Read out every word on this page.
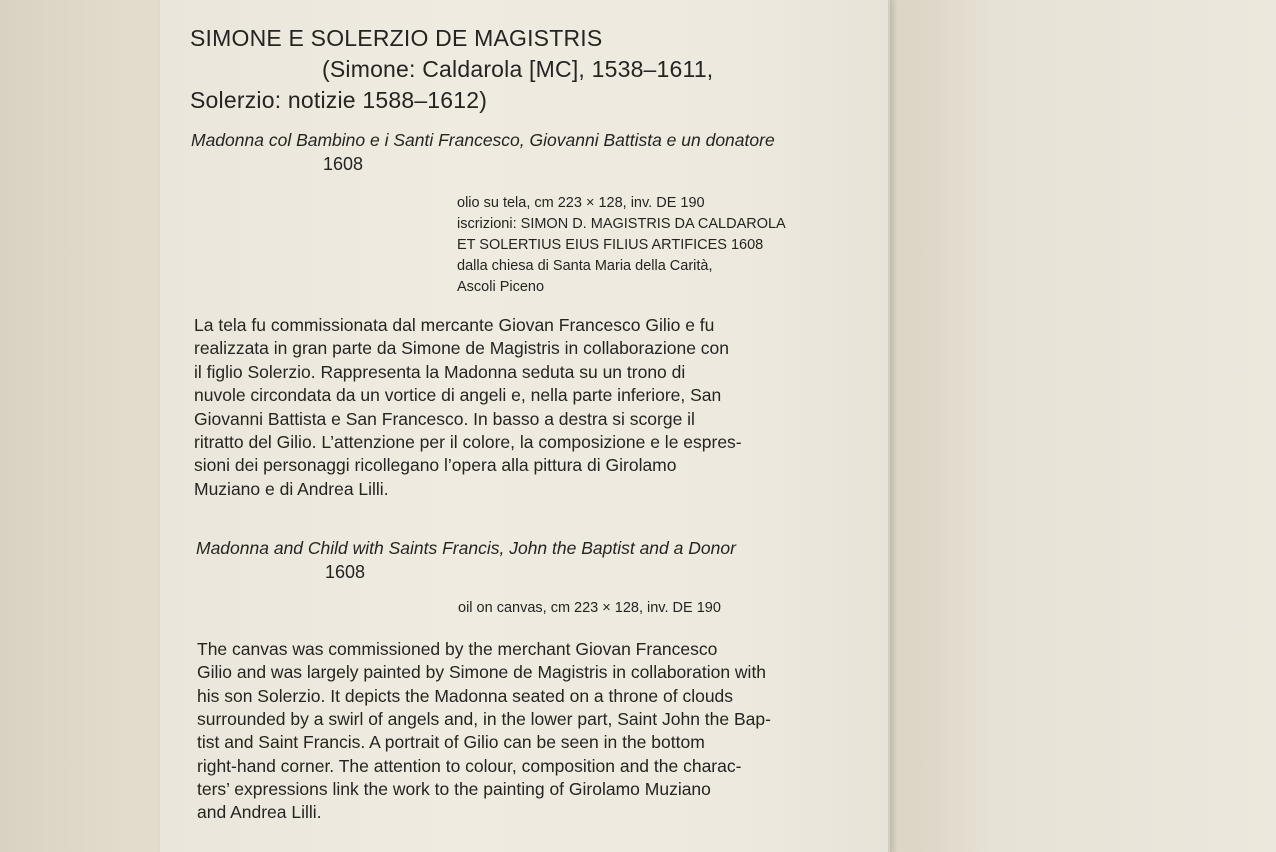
SIMONE E SOLERZIO DE MAGISTRIS
(Simone: Caldarola [MC], 1538–1611,
Solerzio: notizie 1588–1612)
Madonna col Bambino e i Santi Francesco, Giovanni Battista e un donatore
1608
olio su tela, cm 223 × 128, inv. DE 190
iscrizioni: SIMON D. MAGISTRIS DA CALDAROLA
ET SOLERTIUS EIUS FILIUS ARTIFICES 1608
dalla chiesa di Santa Maria della Carità,
Ascoli Piceno
La tela fu commissionata dal mercante Giovan Francesco Gilio e fu
realizzata in gran parte da Simone de Magistris in collaborazione con
il figlio Solerzio. Rappresenta la Madonna seduta su un trono di
nuvole circondata da un vortice di angeli e, nella parte inferiore, San
Giovanni Battista e San Francesco. In basso a destra si scorge il
ritratto del Gilio. L’attenzione per il colore, la composizione e le espres-
sioni dei personaggi ricollegano l’opera alla pittura di Girolamo
Muziano e di Andrea Lilli.
Madonna and Child with Saints Francis, John the Baptist and a Donor
1608
oil on canvas, cm 223 × 128, inv. DE 190
The canvas was commissioned by the merchant Giovan Francesco
Gilio and was largely painted by Simone de Magistris in collaboration with
his son Solerzio. It depicts the Madonna seated on a throne of clouds
surrounded by a swirl of angels and, in the lower part, Saint John the Bap-
tist and Saint Francis. A portrait of Gilio can be seen in the bottom
right-hand corner. The attention to colour, composition and the charac-
ters’ expressions link the work to the painting of Girolamo Muziano
and Andrea Lilli.
